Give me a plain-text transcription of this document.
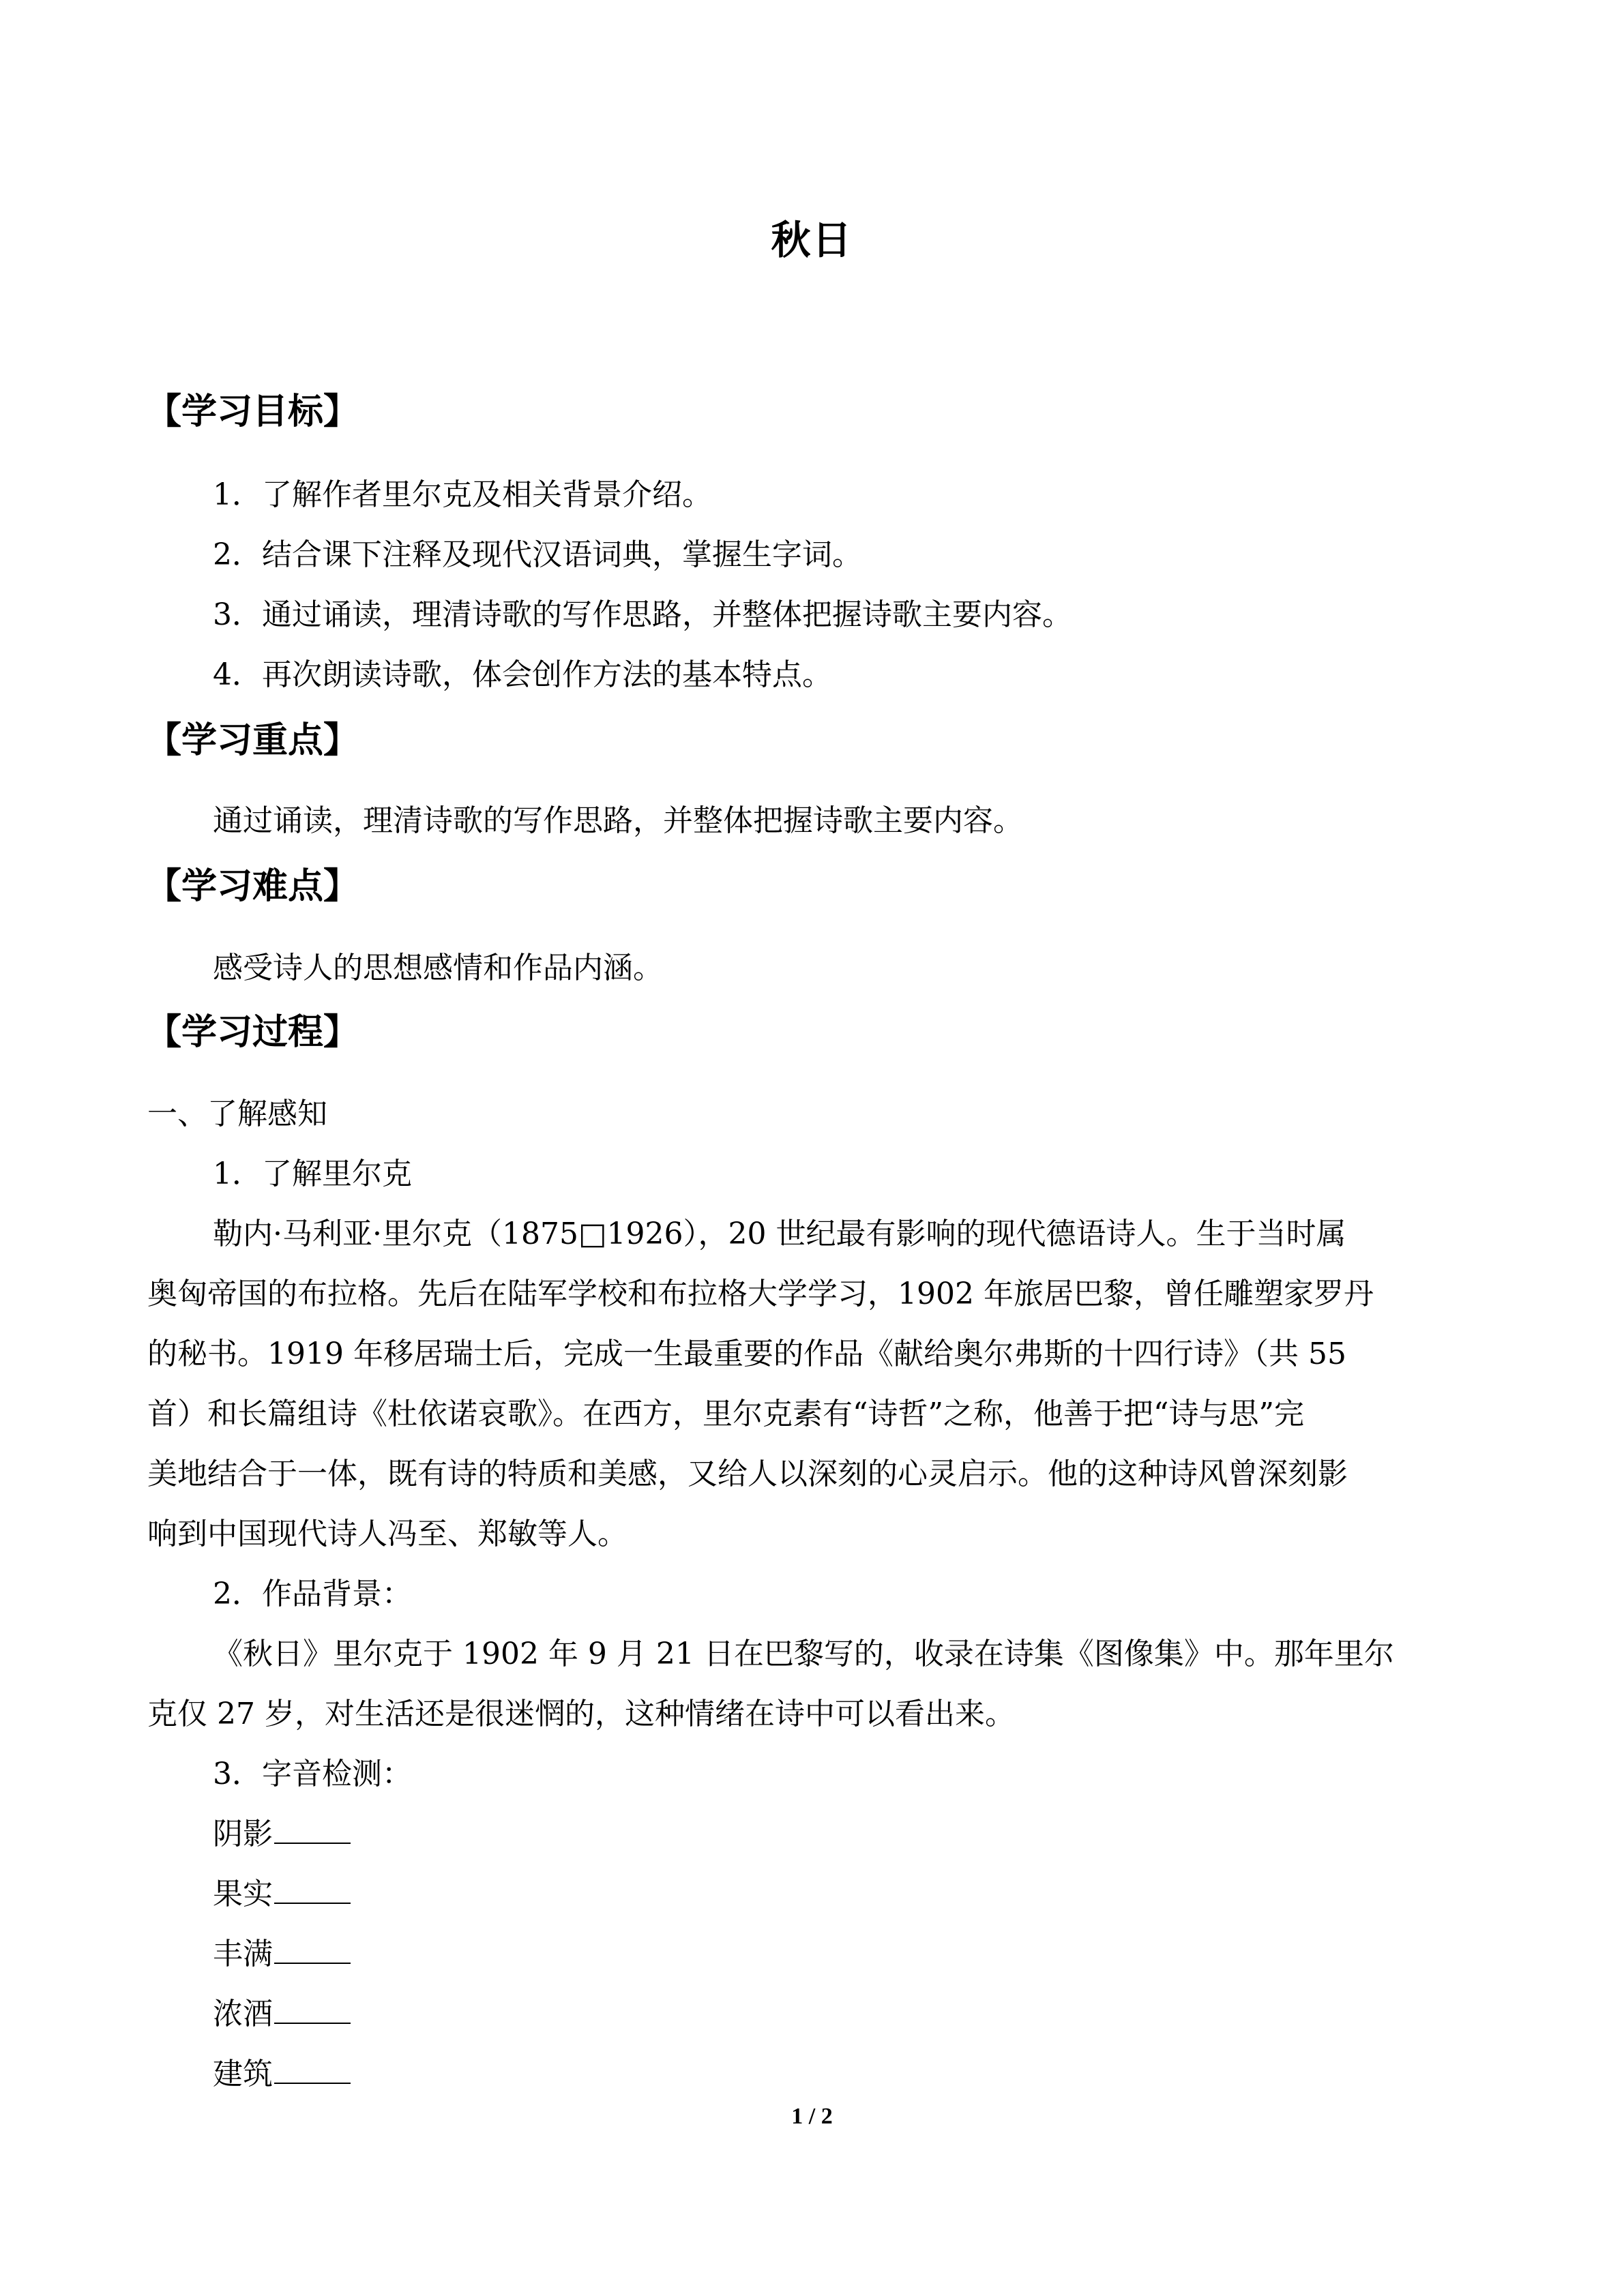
秋日
【学习目标】
1．了解作者里尔克及相关背景介绍。
2．结合课下注释及现代汉语词典，掌握生字词。
3．通过诵读，理清诗歌的写作思路，并整体把握诗歌主要内容。
4．再次朗读诗歌，体会创作方法的基本特点。
【学习重点】
通过诵读，理清诗歌的写作思路，并整体把握诗歌主要内容。
【学习难点】
感受诗人的思想感情和作品内涵。
【学习过程】
一、了解感知
1．了解里尔克
勒内·马利亚·里尔克（1875□1926），20 世纪最有影响的现代德语诗人。生于当时属
奥匈帝国的布拉格。先后在陆军学校和布拉格大学学习，1902 年旅居巴黎，曾任雕塑家罗丹
的秘书。1919 年移居瑞士后，完成一生最重要的作品《献给奥尔弗斯的十四行诗》（共 55
首）和长篇组诗《杜依诺哀歌》。在西方，里尔克素有“诗哲”之称，他善于把“诗与思”完
美地结合于一体，既有诗的特质和美感，又给人以深刻的心灵启示。他的这种诗风曾深刻影
响到中国现代诗人冯至、郑敏等人。
2．作品背景：
《秋日》里尔克于 1902 年 9 月 21 日在巴黎写的，收录在诗集《图像集》中。那年里尔
克仅 27 岁，对生活还是很迷惘的，这种情绪在诗中可以看出来。
3．字音检测：
阴影
果实
丰满
浓酒
建筑
1 / 2
